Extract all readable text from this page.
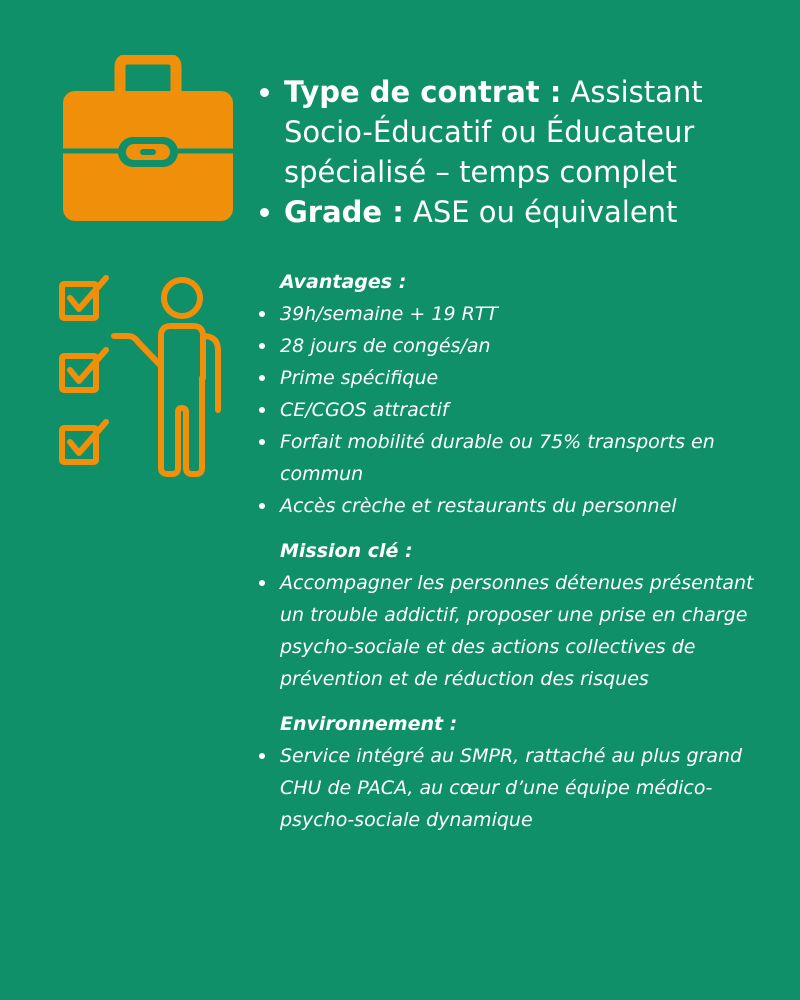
Type de contrat : Assistant Socio-Éducatif ou Éducateur spécialisé – temps complet
Grade : ASE ou équivalent
Avantages :
39h/semaine + 19 RTT
28 jours de congés/an
Prime spécifique
CE/CGOS attractif
Forfait mobilité durable ou 75% transports en commun
Accès crèche et restaurants du personnel
Mission clé :
Accompagner les personnes détenues présentant un trouble addictif, proposer une prise en charge psycho-sociale et des actions collectives de prévention et de réduction des risques
Environnement :
Service intégré au SMPR, rattaché au plus grand CHU de PACA, au cœur d’une équipe médico-psycho-sociale dynamique
